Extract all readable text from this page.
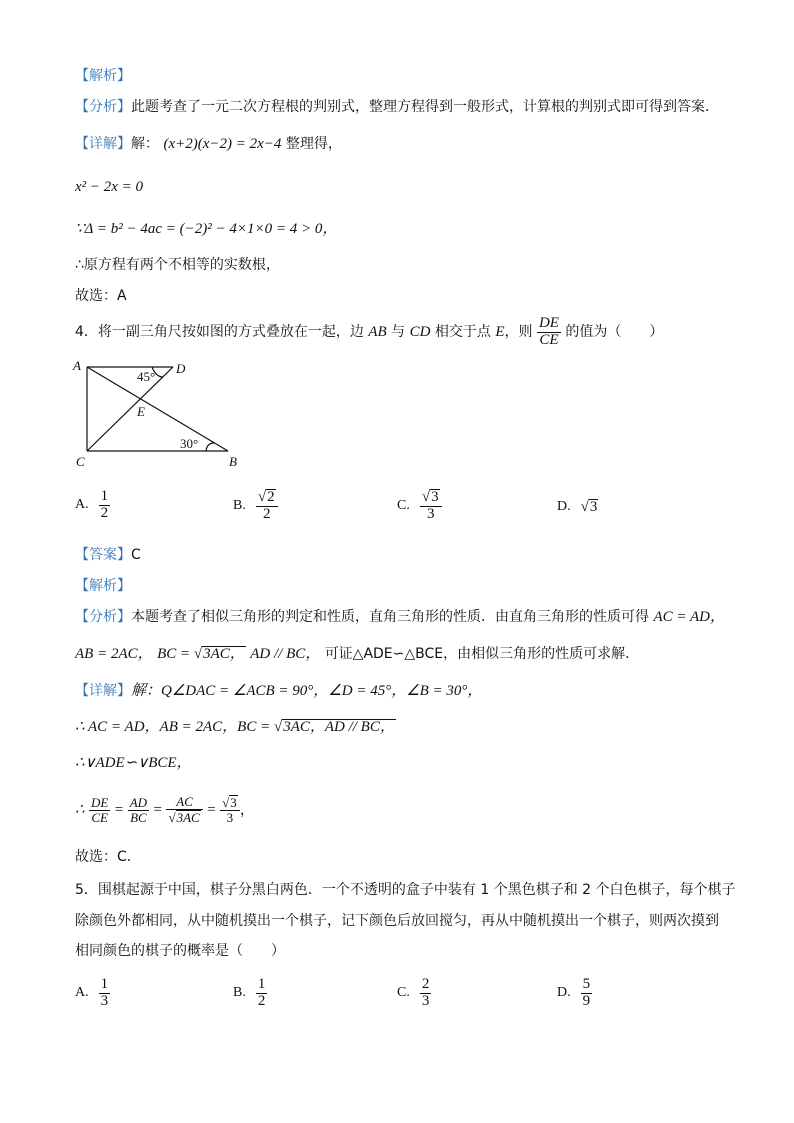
【解析】
【分析】此题考查了一元二次方程根的判别式，整理方程得到一般形式，计算根的判别式即可得到答案．
【详解】解： (x+2)(x−2) = 2x−4 整理得，
x² − 2x = 0
∵Δ = b² − 4ac = (−2)² − 4×1×0 = 4 > 0，
∴原方程有两个不相等的实数根，
故选：A
4．将一副三角尺按如图的方式叠放在一起，边 AB 与 CD 相交于点 E，则 $\frac{DE}{CE}$ 的值为（　　）
A	D
E
C	B
45°
30°
A. $\frac{1}{2}$	B. $\frac{√2}{2}$	C. $\frac{√3}{3}$	D. √3
【答案】C
【解析】
【分析】本题考查了相似三角形的判定和性质，直角三角形的性质．由直角三角形的性质可得 AC = AD，
AB = 2AC， BC = √3AC， AD // BC， 可证△ADE∽△BCE，由相似三角形的性质可求解．
【详解】解：Q∠DAC = ∠ACB = 90°，∠D = 45°，∠B = 30°，
∴ AC = AD，AB = 2AC，BC = √3AC，AD // BC，
∴∨ADE∽∨BCE，
∴ $\frac{DE}{CE} = \frac{AD}{BC} = \frac{AC}{√3AC} = \frac{√3}{3}$ ，
故选：C．
5．围棋起源于中国，棋子分黑白两色．一个不透明的盒子中装有 1 个黑色棋子和 2 个白色棋子，每个棋子
除颜色外都相同，从中随机摸出一个棋子，记下颜色后放回搅匀，再从中随机摸出一个棋子，则两次摸到
相同颜色的棋子的概率是（　　）
A. $\frac{1}{3}$	B. $\frac{1}{2}$	C. $\frac{2}{3}$	D. $\frac{5}{9}$
